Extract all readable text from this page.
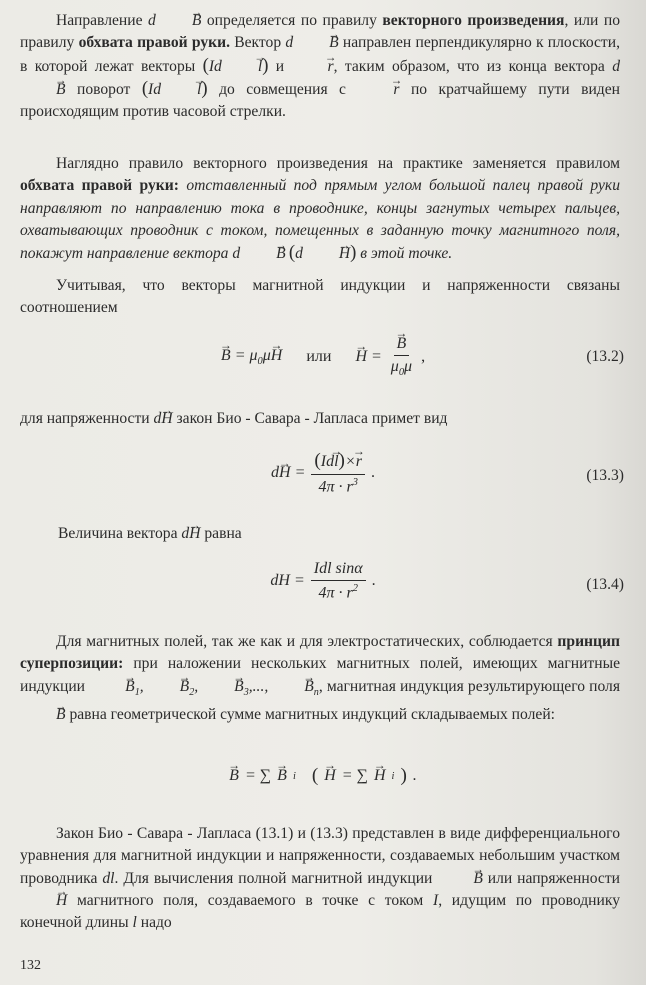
Направление d→ B определяется по правилу векторного произведения, или по правилу обхвата правой руки. Вектор d→ B направлен перпендикулярно к плоскости, в которой лежат векторы (Id→ l) и →	r, таким образом, что из конца вектора d→ B поворот (Id→ l) до совмещения с →	r по кратчайшему пути виден происходящим против часовой стрелки.

Наглядно правило векторного произведения на практике заменяется правилом обхвата правой руки: отставленный под прямым углом большой палец правой руки направляют по направлению тока в проводнике, концы загнутых четырех пальцев, охватывающих проводник с током, помещенных в заданную точку магнитного поля, покажут направление вектора d→ B  (d→ H) в этой точке.

Учитывая, что векторы магнитной индукции и напряженности связаны соотношением

→ $B = \mu_0\mu\to H$ или
→ H =
→ $\frac{B}{\mu_0\mu}$ ,	(13.2)

для напряженности d→ H закон Био - Савара - Лапласа примет вид

$d\to H = \frac{(Id\to l)\times\to r}{4\pi \cdot r^3}$ .	(13.3)

Величина вектора d→ H равна

dH = $\frac{\text{Idl sinα}}{4\pi \cdot r^2}$ .	(13.4)

Для магнитных полей, так же как и для электростатических, соблюдается принцип суперпозиции: при наложении нескольких магнитных полей, имеющих магнитные индукции →	$B_1,\to B_2,\to B_3,...,\to B_n$, магнитная индукция результирующего поля → B равна геометрической сумме магнитных индукций складываемых полей:

→ B = ∑
→ B i
(
→ H = ∑
→ H i ) .

Закон Био - Савара - Лапласа (13.1) и (13.3) представлен в виде дифференциального уравнения для магнитной индукции и напряженности, создаваемых небольшим участком проводника dl. Для вычисления полной магнитной индукции →	B или напряженности → H магнитного поля, создаваемого в точке с током I, идущим по проводнику конечной длины l надо

132
